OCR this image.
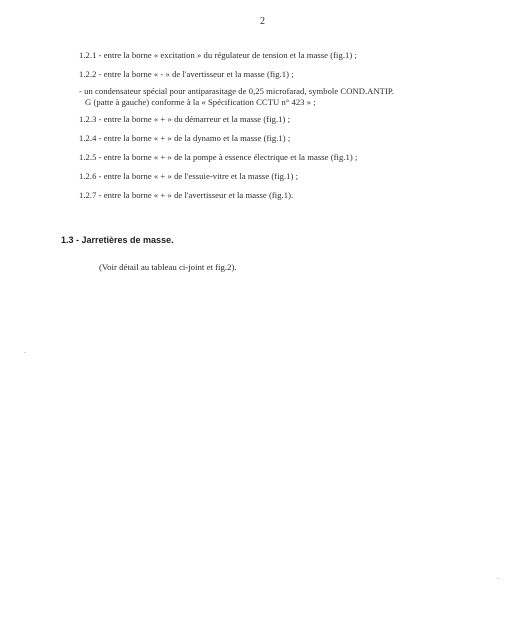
2
1.2.1 - entre la borne « excitation » du régulateur de tension et la masse (fig.1) ;
1.2.2 - entre la borne « - » de l'avertisseur et la masse (fig.1) ;
- un condensateur spécial pour antiparasitage de 0,25 microfarad, symbole COND.ANTIP.
G (patte à gauche) conforme à la « Spécification CCTU n° 423 » ;
1.2.3 - entre la borne « + » du démarreur et la masse (fig.1) ;
1.2.4 - entre la borne « + » de la dynamo et la masse (fig.1) ;
1.2.5 - entre la borne « + » de la pompe à essence électrique et la masse (fig.1) ;
1.2.6 - entre la borne « + » de l'essuie-vitre et la masse (fig.1) ;
1.2.7 - entre la borne « + » de l'avertisseur et la masse (fig.1).
1.3 - Jarretières de masse.
(Voir détail au tableau ci-joint et fig.2).
